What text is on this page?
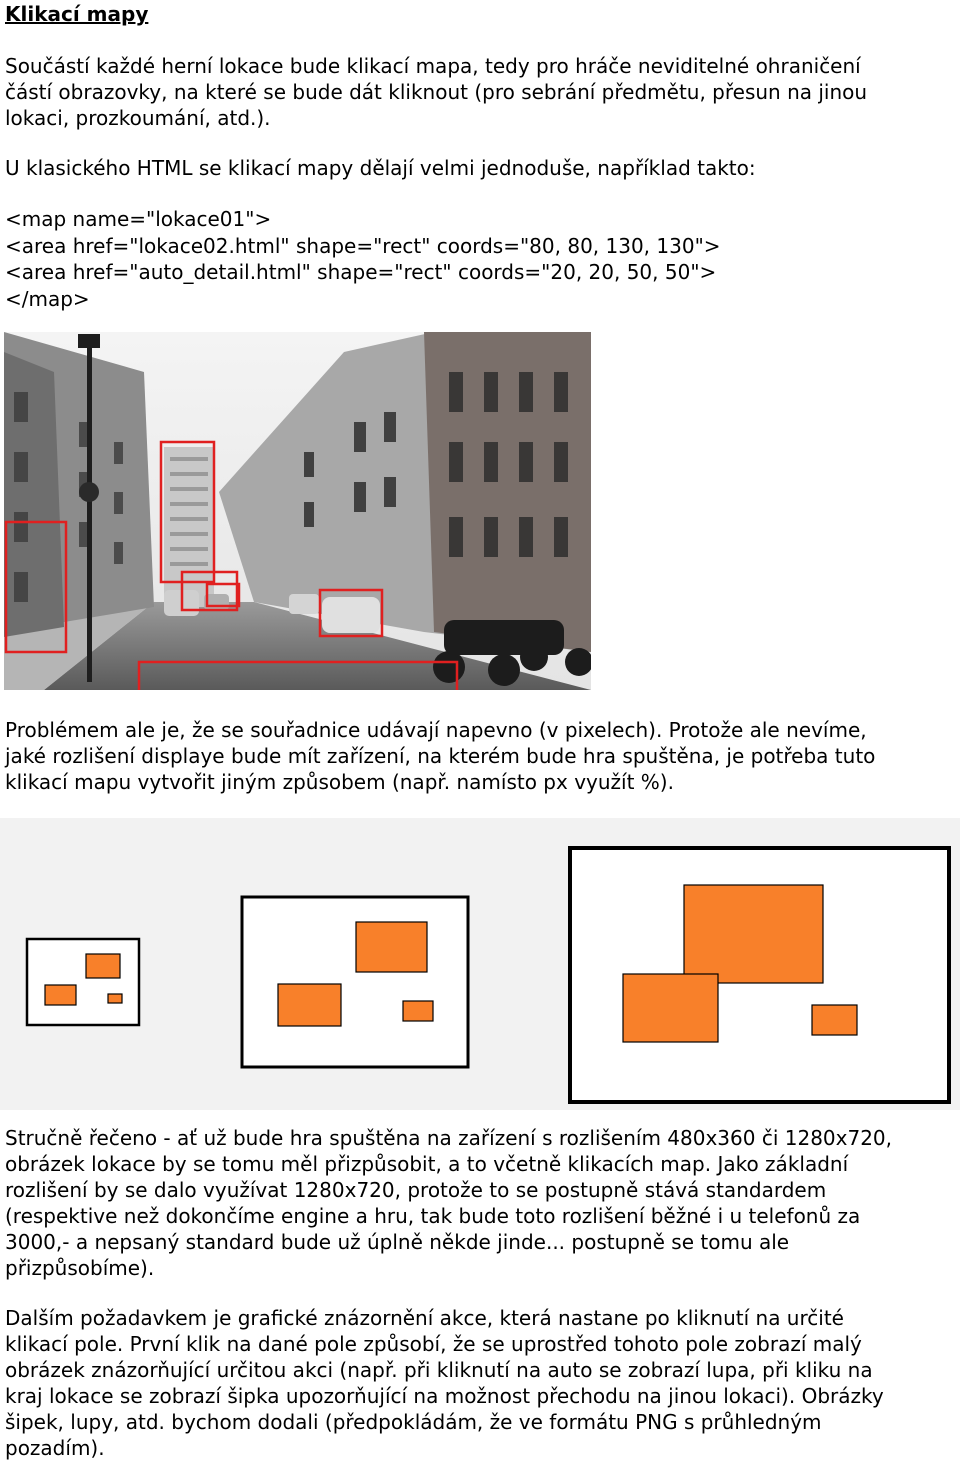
Klikací mapy

Součástí každé herní lokace bude klikací mapa, tedy pro hráče neviditelné ohraničení
částí obrazovky, na které se bude dát kliknout (pro sebrání předmětu, přesun na jinou
lokaci, prozkoumání, atd.).

U klasického HTML se klikací mapy dělají velmi jednoduše, například takto:

<map name="lokace01">
<area href="lokace02.html" shape="rect" coords="80, 80, 130, 130">
<area href="auto_detail.html" shape="rect" coords="20, 20, 50, 50">
</map>

Problémem ale je, že se souřadnice udávají napevno (v pixelech). Protože ale nevíme,
jaké rozlišení displaye bude mít zařízení, na kterém bude hra spuštěna, je potřeba tuto
klikací mapu vytvořit jiným způsobem (např. namísto px využít %).

Stručně řečeno - ať už bude hra spuštěna na zařízení s rozlišením 480x360 či 1280x720,
obrázek lokace by se tomu měl přizpůsobit, a to včetně klikacích map. Jako základní
rozlišení by se dalo využívat 1280x720, protože to se postupně stává standardem
(respektive než dokončíme engine a hru, tak bude toto rozlišení běžné i u telefonů za
3000,- a nepsaný standard bude už úplně někde jinde... postupně se tomu ale
přizpůsobíme).

Dalším požadavkem je grafické znázornění akce, která nastane po kliknutí na určité
klikací pole. První klik na dané pole způsobí, že se uprostřed tohoto pole zobrazí malý
obrázek znázorňující určitou akci (např. při kliknutí na auto se zobrazí lupa, při kliku na
kraj lokace se zobrazí šipka upozorňující na možnost přechodu na jinou lokaci). Obrázky
šipek, lupy, atd. bychom dodali (předpokládám, že ve formátu PNG s průhledným
pozadím).
